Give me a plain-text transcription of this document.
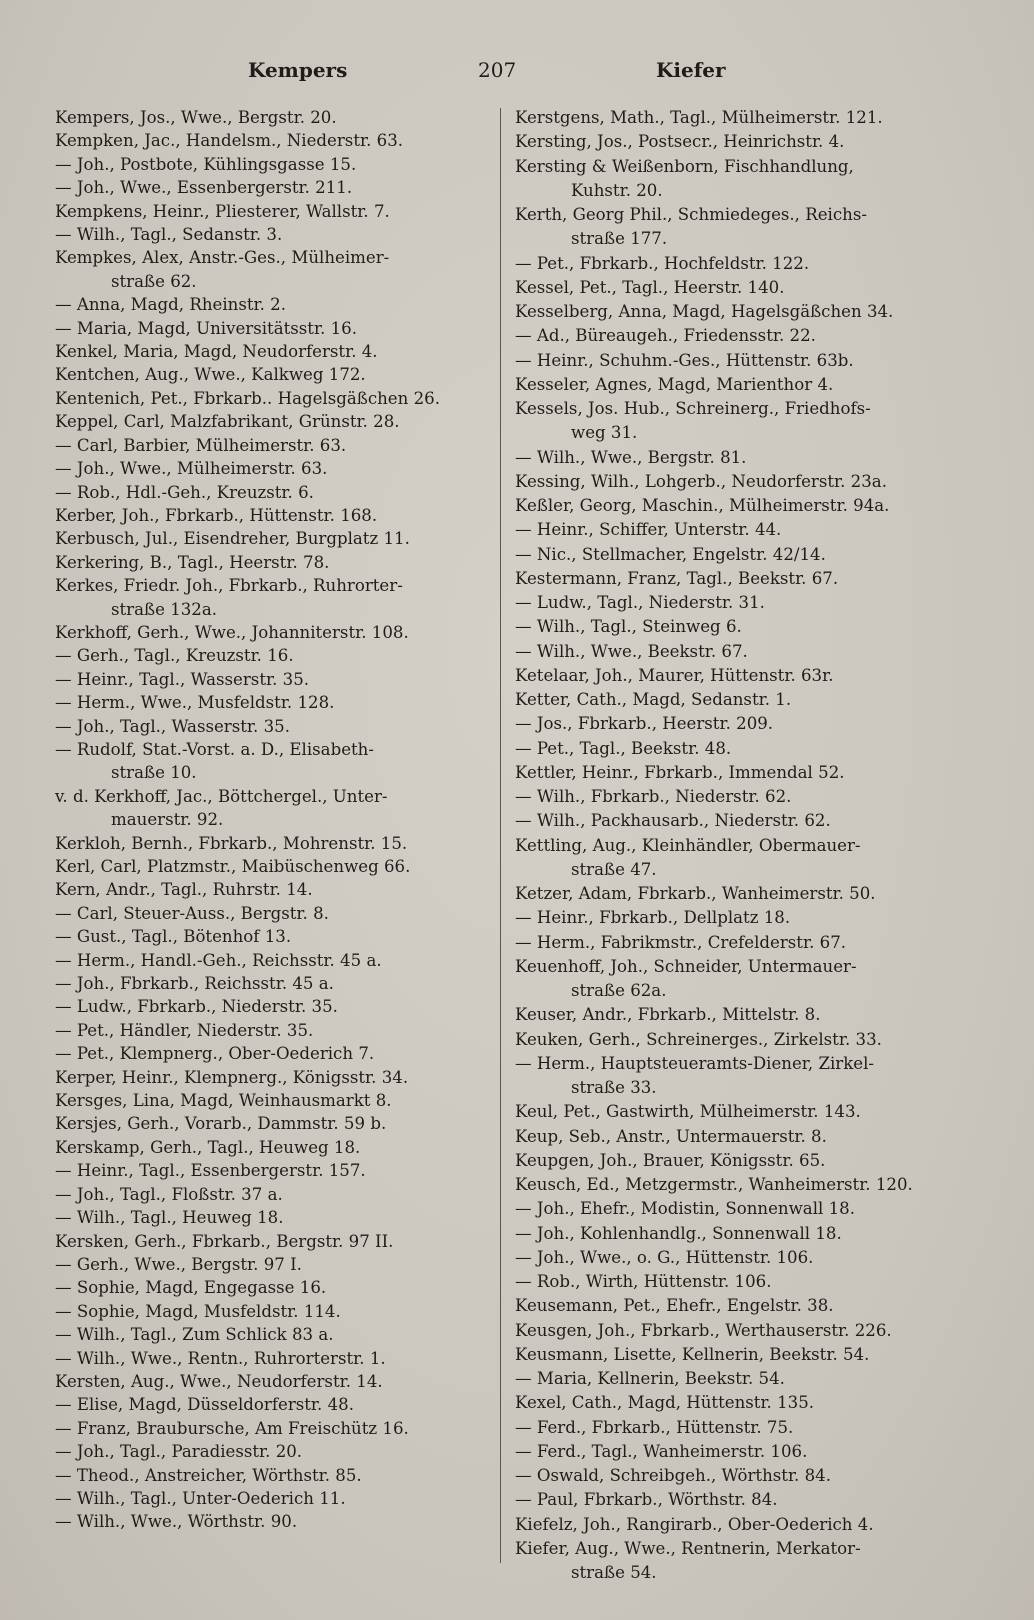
Kempers	207	Kiefer
Kempers, Jos., Wwe., Bergstr. 20.
Kempken, Jac., Handelsm., Niederstr. 63.
— Joh., Postbote, Kühlingsgasse 15.
— Joh., Wwe., Essenbergerstr. 211.
Kempkens, Heinr., Pliesterer, Wallstr. 7.
— Wilh., Tagl., Sedanstr. 3.
Kempkes, Alex, Anstr.-Ges., Mülheimer-
straße 62.
— Anna, Magd, Rheinstr. 2.
— Maria, Magd, Universitätsstr. 16.
Kenkel, Maria, Magd, Neudorferstr. 4.
Kentchen, Aug., Wwe., Kalkweg 172.
Kentenich, Pet., Fbrkarb.. Hagelsgäßchen 26.
Keppel, Carl, Malzfabrikant, Grünstr. 28.
— Carl, Barbier, Mülheimerstr. 63.
— Joh., Wwe., Mülheimerstr. 63.
— Rob., Hdl.-Geh., Kreuzstr. 6.
Kerber, Joh., Fbrkarb., Hüttenstr. 168.
Kerbusch, Jul., Eisendreher, Burgplatz 11.
Kerkering, B., Tagl., Heerstr. 78.
Kerkes, Friedr. Joh., Fbrkarb., Ruhrorter-
straße 132a.
Kerkhoff, Gerh., Wwe., Johanniterstr. 108.
— Gerh., Tagl., Kreuzstr. 16.
— Heinr., Tagl., Wasserstr. 35.
— Herm., Wwe., Musfeldstr. 128.
— Joh., Tagl., Wasserstr. 35.
— Rudolf, Stat.-Vorst. a. D., Elisabeth-
straße 10.
v. d. Kerkhoff, Jac., Böttchergel., Unter-
mauerstr. 92.
Kerkloh, Bernh., Fbrkarb., Mohrenstr. 15.
Kerl, Carl, Platzmstr., Maibüschenweg 66.
Kern, Andr., Tagl., Ruhrstr. 14.
— Carl, Steuer-Auss., Bergstr. 8.
— Gust., Tagl., Bötenhof 13.
— Herm., Handl.-Geh., Reichsstr. 45 a.
— Joh., Fbrkarb., Reichsstr. 45 a.
— Ludw., Fbrkarb., Niederstr. 35.
— Pet., Händler, Niederstr. 35.
— Pet., Klempnerg., Ober-Oederich 7.
Kerper, Heinr., Klempnerg., Königsstr. 34.
Kersges, Lina, Magd, Weinhausmarkt 8.
Kersjes, Gerh., Vorarb., Dammstr. 59 b.
Kerskamp, Gerh., Tagl., Heuweg 18.
— Heinr., Tagl., Essenbergerstr. 157.
— Joh., Tagl., Floßstr. 37 a.
— Wilh., Tagl., Heuweg 18.
Kersken, Gerh., Fbrkarb., Bergstr. 97 II.
— Gerh., Wwe., Bergstr. 97 I.
— Sophie, Magd, Engegasse 16.
— Sophie, Magd, Musfeldstr. 114.
— Wilh., Tagl., Zum Schlick 83 a.
— Wilh., Wwe., Rentn., Ruhrorterstr. 1.
Kersten, Aug., Wwe., Neudorferstr. 14.
— Elise, Magd, Düsseldorferstr. 48.
— Franz, Braubursche, Am Freischütz 16.
— Joh., Tagl., Paradiesstr. 20.
— Theod., Anstreicher, Wörthstr. 85.
— Wilh., Tagl., Unter-Oederich 11.
— Wilh., Wwe., Wörthstr. 90.
Kerstgens, Math., Tagl., Mülheimerstr. 121.
Kersting, Jos., Postsecr., Heinrichstr. 4.
Kersting & Weißenborn, Fischhandlung,
Kuhstr. 20.
Kerth, Georg Phil., Schmiedeges., Reichs-
straße 177.
— Pet., Fbrkarb., Hochfeldstr. 122.
Kessel, Pet., Tagl., Heerstr. 140.
Kesselberg, Anna, Magd, Hagelsgäßchen 34.
— Ad., Büreaugeh., Friedensstr. 22.
— Heinr., Schuhm.-Ges., Hüttenstr. 63b.
Kesseler, Agnes, Magd, Marienthor 4.
Kessels, Jos. Hub., Schreinerg., Friedhofs-
weg 31.
— Wilh., Wwe., Bergstr. 81.
Kessing, Wilh., Lohgerb., Neudorferstr. 23a.
Keßler, Georg, Maschin., Mülheimerstr. 94a.
— Heinr., Schiffer, Unterstr. 44.
— Nic., Stellmacher, Engelstr. 42/14.
Kestermann, Franz, Tagl., Beekstr. 67.
— Ludw., Tagl., Niederstr. 31.
— Wilh., Tagl., Steinweg 6.
— Wilh., Wwe., Beekstr. 67.
Ketelaar, Joh., Maurer, Hüttenstr. 63r.
Ketter, Cath., Magd, Sedanstr. 1.
— Jos., Fbrkarb., Heerstr. 209.
— Pet., Tagl., Beekstr. 48.
Kettler, Heinr., Fbrkarb., Immendal 52.
— Wilh., Fbrkarb., Niederstr. 62.
— Wilh., Packhausarb., Niederstr. 62.
Kettling, Aug., Kleinhändler, Obermauer-
straße 47.
Ketzer, Adam, Fbrkarb., Wanheimerstr. 50.
— Heinr., Fbrkarb., Dellplatz 18.
— Herm., Fabrikmstr., Crefelderstr. 67.
Keuenhoff, Joh., Schneider, Untermauer-
straße 62a.
Keuser, Andr., Fbrkarb., Mittelstr. 8.
Keuken, Gerh., Schreinerges., Zirkelstr. 33.
— Herm., Hauptsteueramts-Diener, Zirkel-
straße 33.
Keul, Pet., Gastwirth, Mülheimerstr. 143.
Keup, Seb., Anstr., Untermauerstr. 8.
Keupgen, Joh., Brauer, Königsstr. 65.
Keusch, Ed., Metzgermstr., Wanheimerstr. 120.
— Joh., Ehefr., Modistin, Sonnenwall 18.
— Joh., Kohlenhandlg., Sonnenwall 18.
— Joh., Wwe., o. G., Hüttenstr. 106.
— Rob., Wirth, Hüttenstr. 106.
Keusemann, Pet., Ehefr., Engelstr. 38.
Keusgen, Joh., Fbrkarb., Werthauserstr. 226.
Keusmann, Lisette, Kellnerin, Beekstr. 54.
— Maria, Kellnerin, Beekstr. 54.
Kexel, Cath., Magd, Hüttenstr. 135.
— Ferd., Fbrkarb., Hüttenstr. 75.
— Ferd., Tagl., Wanheimerstr. 106.
— Oswald, Schreibgeh., Wörthstr. 84.
— Paul, Fbrkarb., Wörthstr. 84.
Kiefelz, Joh., Rangirarb., Ober-Oederich 4.
Kiefer, Aug., Wwe., Rentnerin, Merkator-
straße 54.
